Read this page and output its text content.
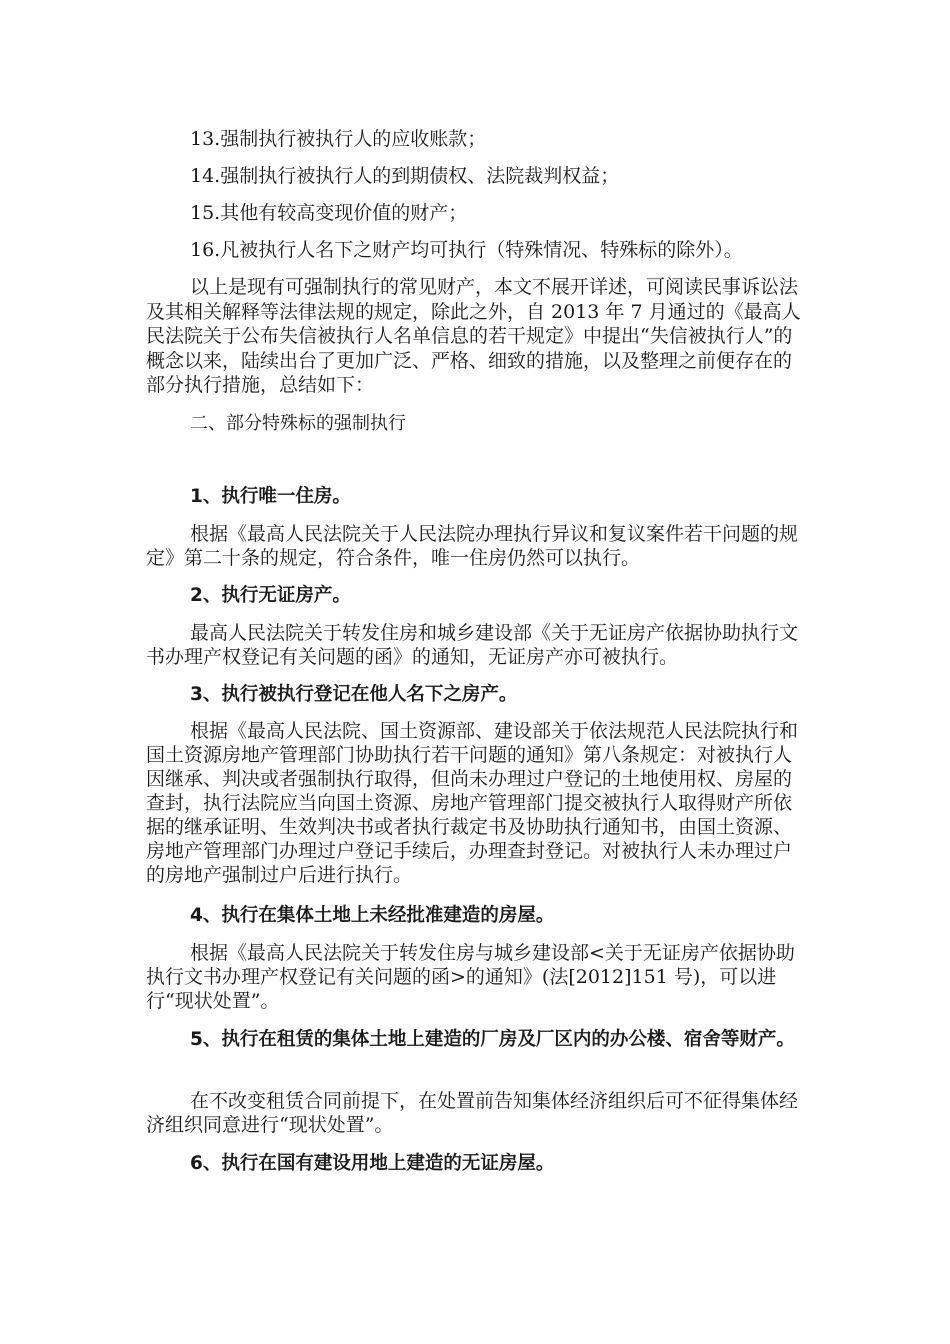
13.强制执行被执行人的应收账款；

14.强制执行被执行人的到期债权、法院裁判权益；

15.其他有较高变现价值的财产；

16.凡被执行人名下之财产均可执行（特殊情况、特殊标的除外）。

以上是现有可强制执行的常见财产，本文不展开详述，可阅读民事诉讼法及其相关解释等法律法规的规定，除此之外，自 2013 年 7 月通过的《最高人民法院关于公布失信被执行人名单信息的若干规定》中提出“失信被执行人”的概念以来，陆续出台了更加广泛、严格、细致的措施，以及整理之前便存在的部分执行措施，总结如下：

二、部分特殊标的强制执行

1、执行唯一住房。

根据《最高人民法院关于人民法院办理执行异议和复议案件若干问题的规定》第二十条的规定，符合条件，唯一住房仍然可以执行。

2、执行无证房产。

最高人民法院关于转发住房和城乡建设部《关于无证房产依据协助执行文书办理产权登记有关问题的函》的通知，无证房产亦可被执行。

3、执行被执行登记在他人名下之房产。

根据《最高人民法院、国土资源部、建设部关于依法规范人民法院执行和国土资源房地产管理部门协助执行若干问题的通知》第八条规定：对被执行人因继承、判决或者强制执行取得，但尚未办理过户登记的土地使用权、房屋的查封，执行法院应当向国土资源、房地产管理部门提交被执行人取得财产所依据的继承证明、生效判决书或者执行裁定书及协助执行通知书，由国土资源、房地产管理部门办理过户登记手续后，办理查封登记。对被执行人未办理过户的房地产强制过户后进行执行。

4、执行在集体土地上未经批准建造的房屋。

根据《最高人民法院关于转发住房与城乡建设部<关于无证房产依据协助执行文书办理产权登记有关问题的函>的通知》(法[2012]151 号)，可以进行“现状处置”。

5、执行在租赁的集体土地上建造的厂房及厂区内的办公楼、宿舍等财产。

在不改变租赁合同前提下，在处置前告知集体经济组织后可不征得集体经济组织同意进行“现状处置”。

6、执行在国有建设用地上建造的无证房屋。
